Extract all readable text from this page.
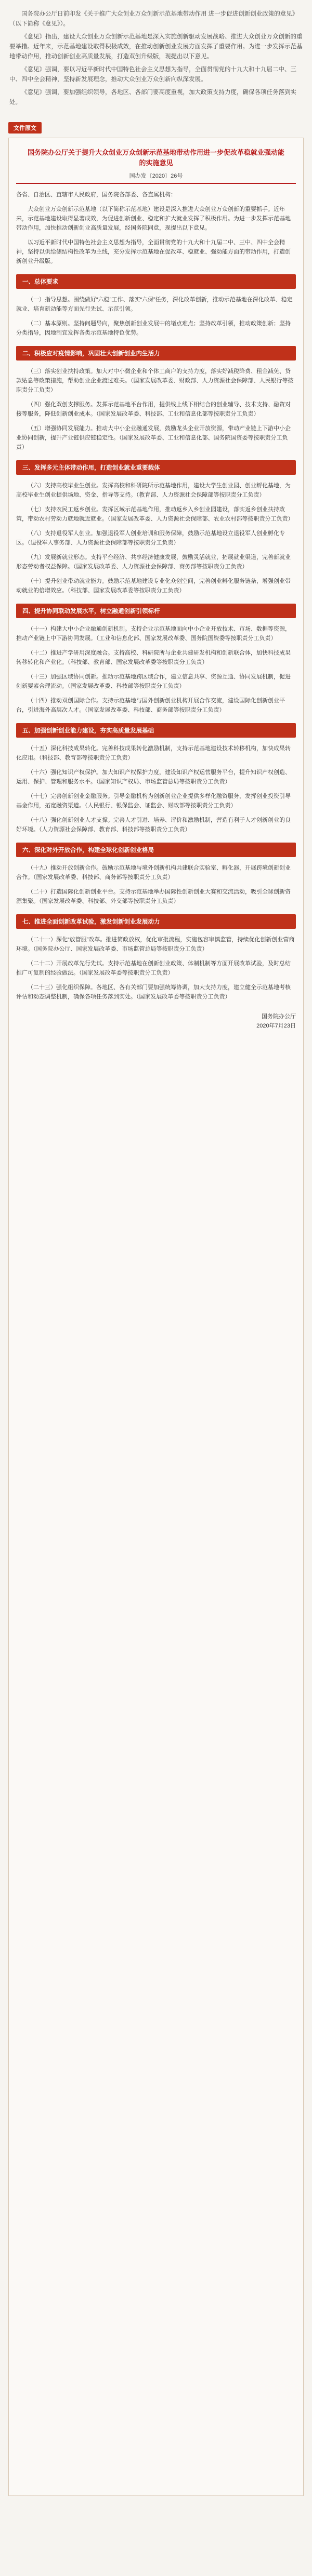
国务院办公厅日前印发《关于推广大众创业万众创新示范基地带动作用 进一步促进创新创业政策的意见》（以下简称《意见》）。

《意见》指出，建设大众创业万众创新示范基地是深入实施创新驱动发展战略、推进大众创业万众创新的重要举措。近年来，示范基地建设取得积极成效，在推动创新创业发展方面发挥了重要作用。为进一步发挥示范基地带动作用，推动创新创业高质量发展，打造双创升级版，现提出以下意见。

《意见》强调，要以习近平新时代中国特色社会主义思想为指导，全面贯彻党的十九大和十九届二中、三中、四中全会精神，坚持新发展理念，推动大众创业万众创新向纵深发展。

《意见》强调，要加强组织领导，各地区、各部门要高度重视，加大政策支持力度，确保各项任务落到实处。

文件原文
国务院办公厅关于提升大众创业万众创新示范基地带动作用进一步促改革稳就业强动能的实施意见
国办发〔2020〕26号
各省、自治区、直辖市人民政府，国务院各部委、各直属机构：

大众创业万众创新示范基地（以下简称示范基地）建设是深入推进大众创业万众创新的重要抓手。近年来，示范基地建设取得显著成效，为促进创新创业、稳定和扩大就业发挥了积极作用。为进一步发挥示范基地带动作用，加快推动创新创业高质量发展，经国务院同意，现提出以下意见。

以习近平新时代中国特色社会主义思想为指导，全面贯彻党的十九大和十九届二中、三中、四中全会精神，坚持以供给侧结构性改革为主线，充分发挥示范基地在促改革、稳就业、强动能方面的带动作用，打造创新创业升级版。

一、总体要求

（一）指导思想。围绕做好“六稳”工作、落实“六保”任务，深化改革创新，推动示范基地在深化改革、稳定就业、培育新动能等方面先行先试、示范引领。

（二）基本原则。坚持问题导向，聚焦创新创业发展中的堵点难点；坚持改革引领，推动政策创新；坚持分类指导，因地制宜发挥各类示范基地特色优势。

二、积极应对疫情影响，巩固壮大创新创业内生活力

（三）落实创业扶持政策。加大对中小微企业和个体工商户的支持力度，落实好减税降费、租金减免、贷款贴息等政策措施，帮助创业企业渡过难关。（国家发展改革委、财政部、人力资源社会保障部、人民银行等按职责分工负责）

（四）强化双创支撑服务。发挥示范基地平台作用，提供线上线下相结合的创业辅导、技术支持、融资对接等服务，降低创新创业成本。（国家发展改革委、科技部、工业和信息化部等按职责分工负责）

（五）增强协同发展能力。推动大中小企业融通发展，鼓励龙头企业开放资源，带动产业链上下游中小企业协同创新，提升产业链供应链稳定性。（国家发展改革委、工业和信息化部、国务院国资委等按职责分工负责）

三、发挥多元主体带动作用，打造创业就业重要载体

（六）支持高校毕业生创业。发挥高校和科研院所示范基地作用，建设大学生创业园、创业孵化基地，为高校毕业生创业提供场地、资金、指导等支持。（教育部、人力资源社会保障部等按职责分工负责）

（七）支持农民工返乡创业。发挥区域示范基地作用，推动返乡入乡创业园建设，落实返乡创业扶持政策，带动农村劳动力就地就近就业。（国家发展改革委、人力资源社会保障部、农业农村部等按职责分工负责）

（八）支持退役军人创业。加强退役军人创业培训和服务保障，鼓励示范基地设立退役军人创业孵化专区。（退役军人事务部、人力资源社会保障部等按职责分工负责）

（九）发展新就业形态。支持平台经济、共享经济健康发展，鼓励灵活就业，拓展就业渠道，完善新就业形态劳动者权益保障。（国家发展改革委、人力资源社会保障部、商务部等按职责分工负责）

（十）提升创业带动就业能力。鼓励示范基地建设专业化众创空间，完善创业孵化服务链条，增强创业带动就业的倍增效应。（科技部、国家发展改革委等按职责分工负责）

四、提升协同联动发展水平，树立融通创新引领标杆

（十一）构建大中小企业融通创新机制。支持企业示范基地面向中小企业开放技术、市场、数据等资源，推动产业链上中下游协同发展。（工业和信息化部、国家发展改革委、国务院国资委等按职责分工负责）

（十二）推进产学研用深度融合。支持高校、科研院所与企业共建研发机构和创新联合体，加快科技成果转移转化和产业化。（科技部、教育部、国家发展改革委等按职责分工负责）

（十三）加强区域协同创新。推动示范基地跨区域合作，建立信息共享、资源互通、协同发展机制，促进创新要素合理流动。（国家发展改革委、科技部等按职责分工负责）

（十四）推动双创国际合作。支持示范基地与国外创新创业机构开展合作交流，建设国际化创新创业平台，引进海外高层次人才。（国家发展改革委、科技部、商务部等按职责分工负责）

五、加强创新创业能力建设，夯实高质量发展基础

（十五）深化科技成果转化。完善科技成果转化激励机制，支持示范基地建设技术转移机构，加快成果转化应用。（科技部、教育部等按职责分工负责）

（十六）强化知识产权保护。加大知识产权保护力度，建设知识产权运营服务平台，提升知识产权创造、运用、保护、管理和服务水平。（国家知识产权局、市场监管总局等按职责分工负责）

（十七）完善创新创业金融服务。引导金融机构为创新创业企业提供多样化融资服务，发挥创业投资引导基金作用，拓宽融资渠道。（人民银行、银保监会、证监会、财政部等按职责分工负责）

（十八）强化创新创业人才支撑。完善人才引进、培养、评价和激励机制，营造有利于人才创新创业的良好环境。（人力资源社会保障部、教育部、科技部等按职责分工负责）

六、深化对外开放合作，构建全球化创新创业格局

（十九）推动开放创新合作。鼓励示范基地与境外创新机构共建联合实验室、孵化器，开展跨境创新创业合作。（国家发展改革委、科技部、商务部等按职责分工负责）

（二十）打造国际化创新创业平台。支持示范基地举办国际性创新创业大赛和交流活动，吸引全球创新资源集聚。（国家发展改革委、科技部、外交部等按职责分工负责）

七、推进全面创新改革试验，激发创新创业发展动力

（二十一）深化“放管服”改革。推进简政放权，优化审批流程，实施包容审慎监管，持续优化创新创业营商环境。（国务院办公厅、国家发展改革委、市场监管总局等按职责分工负责）

（二十二）开展改革先行先试。支持示范基地在创新创业政策、体制机制等方面开展改革试验，及时总结推广可复制的经验做法。（国家发展改革委等按职责分工负责）

（二十三）强化组织保障。各地区、各有关部门要加强统筹协调，加大支持力度，建立健全示范基地考核评估和动态调整机制，确保各项任务落到实处。（国家发展改革委等按职责分工负责）

国务院办公厅
2020年7月23日
